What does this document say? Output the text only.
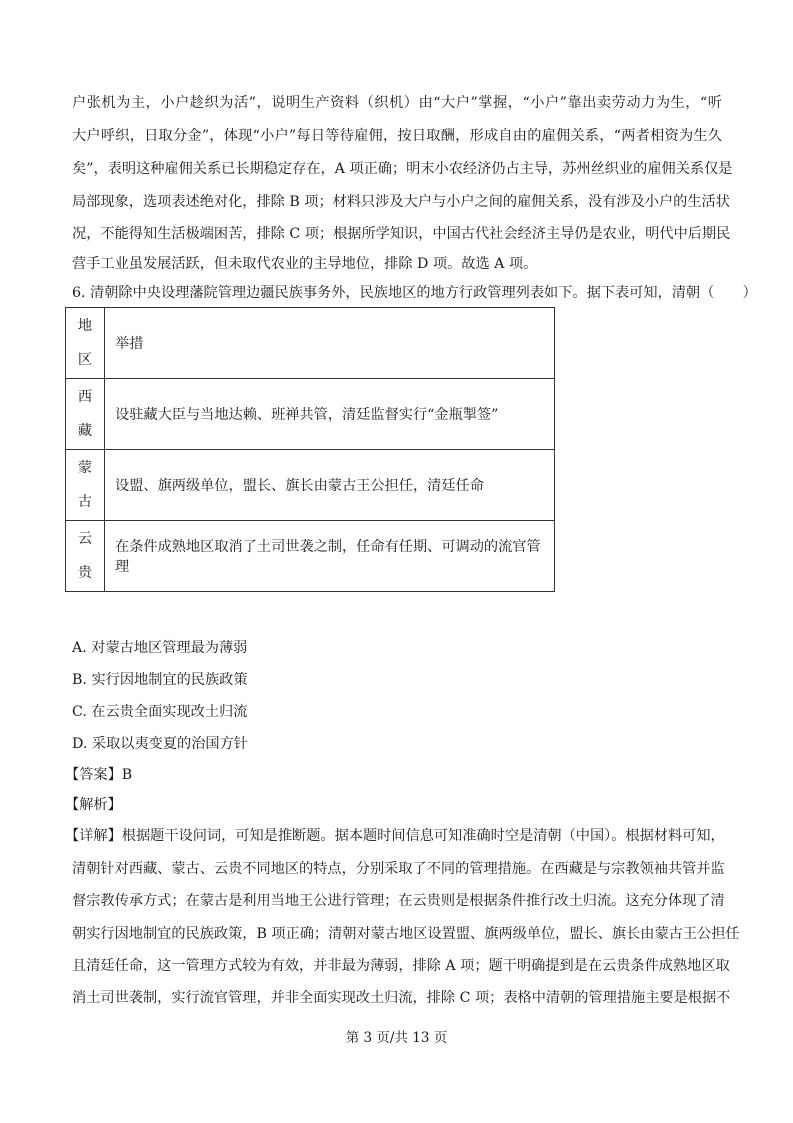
户张机为主，小户趁织为活”，说明生产资料（织机）由“大户”掌握，“小户”靠出卖劳动力为生，“听
大户呼织，日取分金”，体现“小户”每日等待雇佣，按日取酬，形成自由的雇佣关系，“两者相资为生久
矣”，表明这种雇佣关系已长期稳定存在，A 项正确；明末小农经济仍占主导，苏州丝织业的雇佣关系仅是
局部现象，选项表述绝对化，排除 B 项；材料只涉及大户与小户之间的雇佣关系，没有涉及小户的生活状
况，不能得知生活极端困苦，排除 C 项；根据所学知识，中国古代社会经济主导仍是农业，明代中后期民
营手工业虽发展活跃，但未取代农业的主导地位，排除 D 项。故选 A 项。
6. 清朝除中央设理藩院管理边疆民族事务外，民族地区的地方行政管理列表如下。据下表可知，清朝（　　）
地
区	举措

西
藏	设驻藏大臣与当地达赖、班禅共管，清廷监督实行“金瓶掣签”

蒙
古	设盟、旗两级单位，盟长、旗长由蒙古王公担任，清廷任命

云
贵	在条件成熟地区取消了土司世袭之制，任命有任期、可调动的流官管理
A. 对蒙古地区管理最为薄弱
B. 实行因地制宜的民族政策
C. 在云贵全面实现改土归流
D. 采取以夷变夏的治国方针
【答案】B
【解析】
【详解】根据题干设问词，可知是推断题。据本题时间信息可知准确时空是清朝（中国）。根据材料可知，
清朝针对西藏、蒙古、云贵不同地区的特点，分别采取了不同的管理措施。在西藏是与宗教领袖共管并监
督宗教传承方式；在蒙古是利用当地王公进行管理；在云贵则是根据条件推行改土归流。这充分体现了清
朝实行因地制宜的民族政策，B 项正确；清朝对蒙古地区设置盟、旗两级单位，盟长、旗长由蒙古王公担任
且清廷任命，这一管理方式较为有效，并非最为薄弱，排除 A 项；题干明确提到是在云贵条件成熟地区取
消土司世袭制，实行流官管理，并非全面实现改土归流，排除 C 项；表格中清朝的管理措施主要是根据不
第 3 页/共 13 页
